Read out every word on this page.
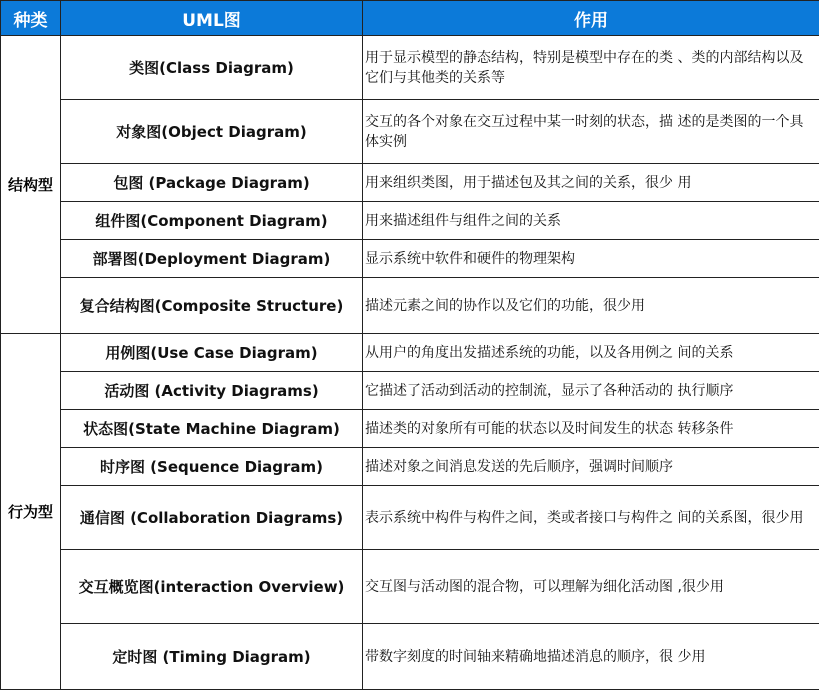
种类	UML图	作用
结构型	类图(Class Diagram)	用于显示模型的静态结构，特别是模型中存在的类 、类的内部结构以及它们与其他类的关系等
	对象图(Object Diagram)	交互的各个对象在交互过程中某一时刻的状态，描 述的是类图的一个具体实例
	包图 (Package Diagram)	用来组织类图，用于描述包及其之间的关系，很少 用
	组件图(Component Diagram)	用来描述组件与组件之间的关系
	部署图(Deployment Diagram)	显示系统中软件和硬件的物理架构
	复合结构图(Composite Structure)	描述元素之间的协作以及它们的功能，很少用
行为型	用例图(Use Case Diagram)	从用户的角度出发描述系统的功能，以及各用例之 间的关系
	活动图 (Activity Diagrams)	它描述了活动到活动的控制流，显示了各种活动的 执行顺序
	状态图(State Machine Diagram)	描述类的对象所有可能的状态以及时间发生的状态 转移条件
	时序图 (Sequence Diagram)	描述对象之间消息发送的先后顺序，强调时间顺序
	通信图 (Collaboration Diagrams)	表示系统中构件与构件之间，类或者接口与构件之 间的关系图，很少用
	交互概览图(interaction Overview)	交互图与活动图的混合物，可以理解为细化活动图 ,很少用
	定时图 (Timing Diagram)	带数字刻度的时间轴来精确地描述消息的顺序，很 少用
